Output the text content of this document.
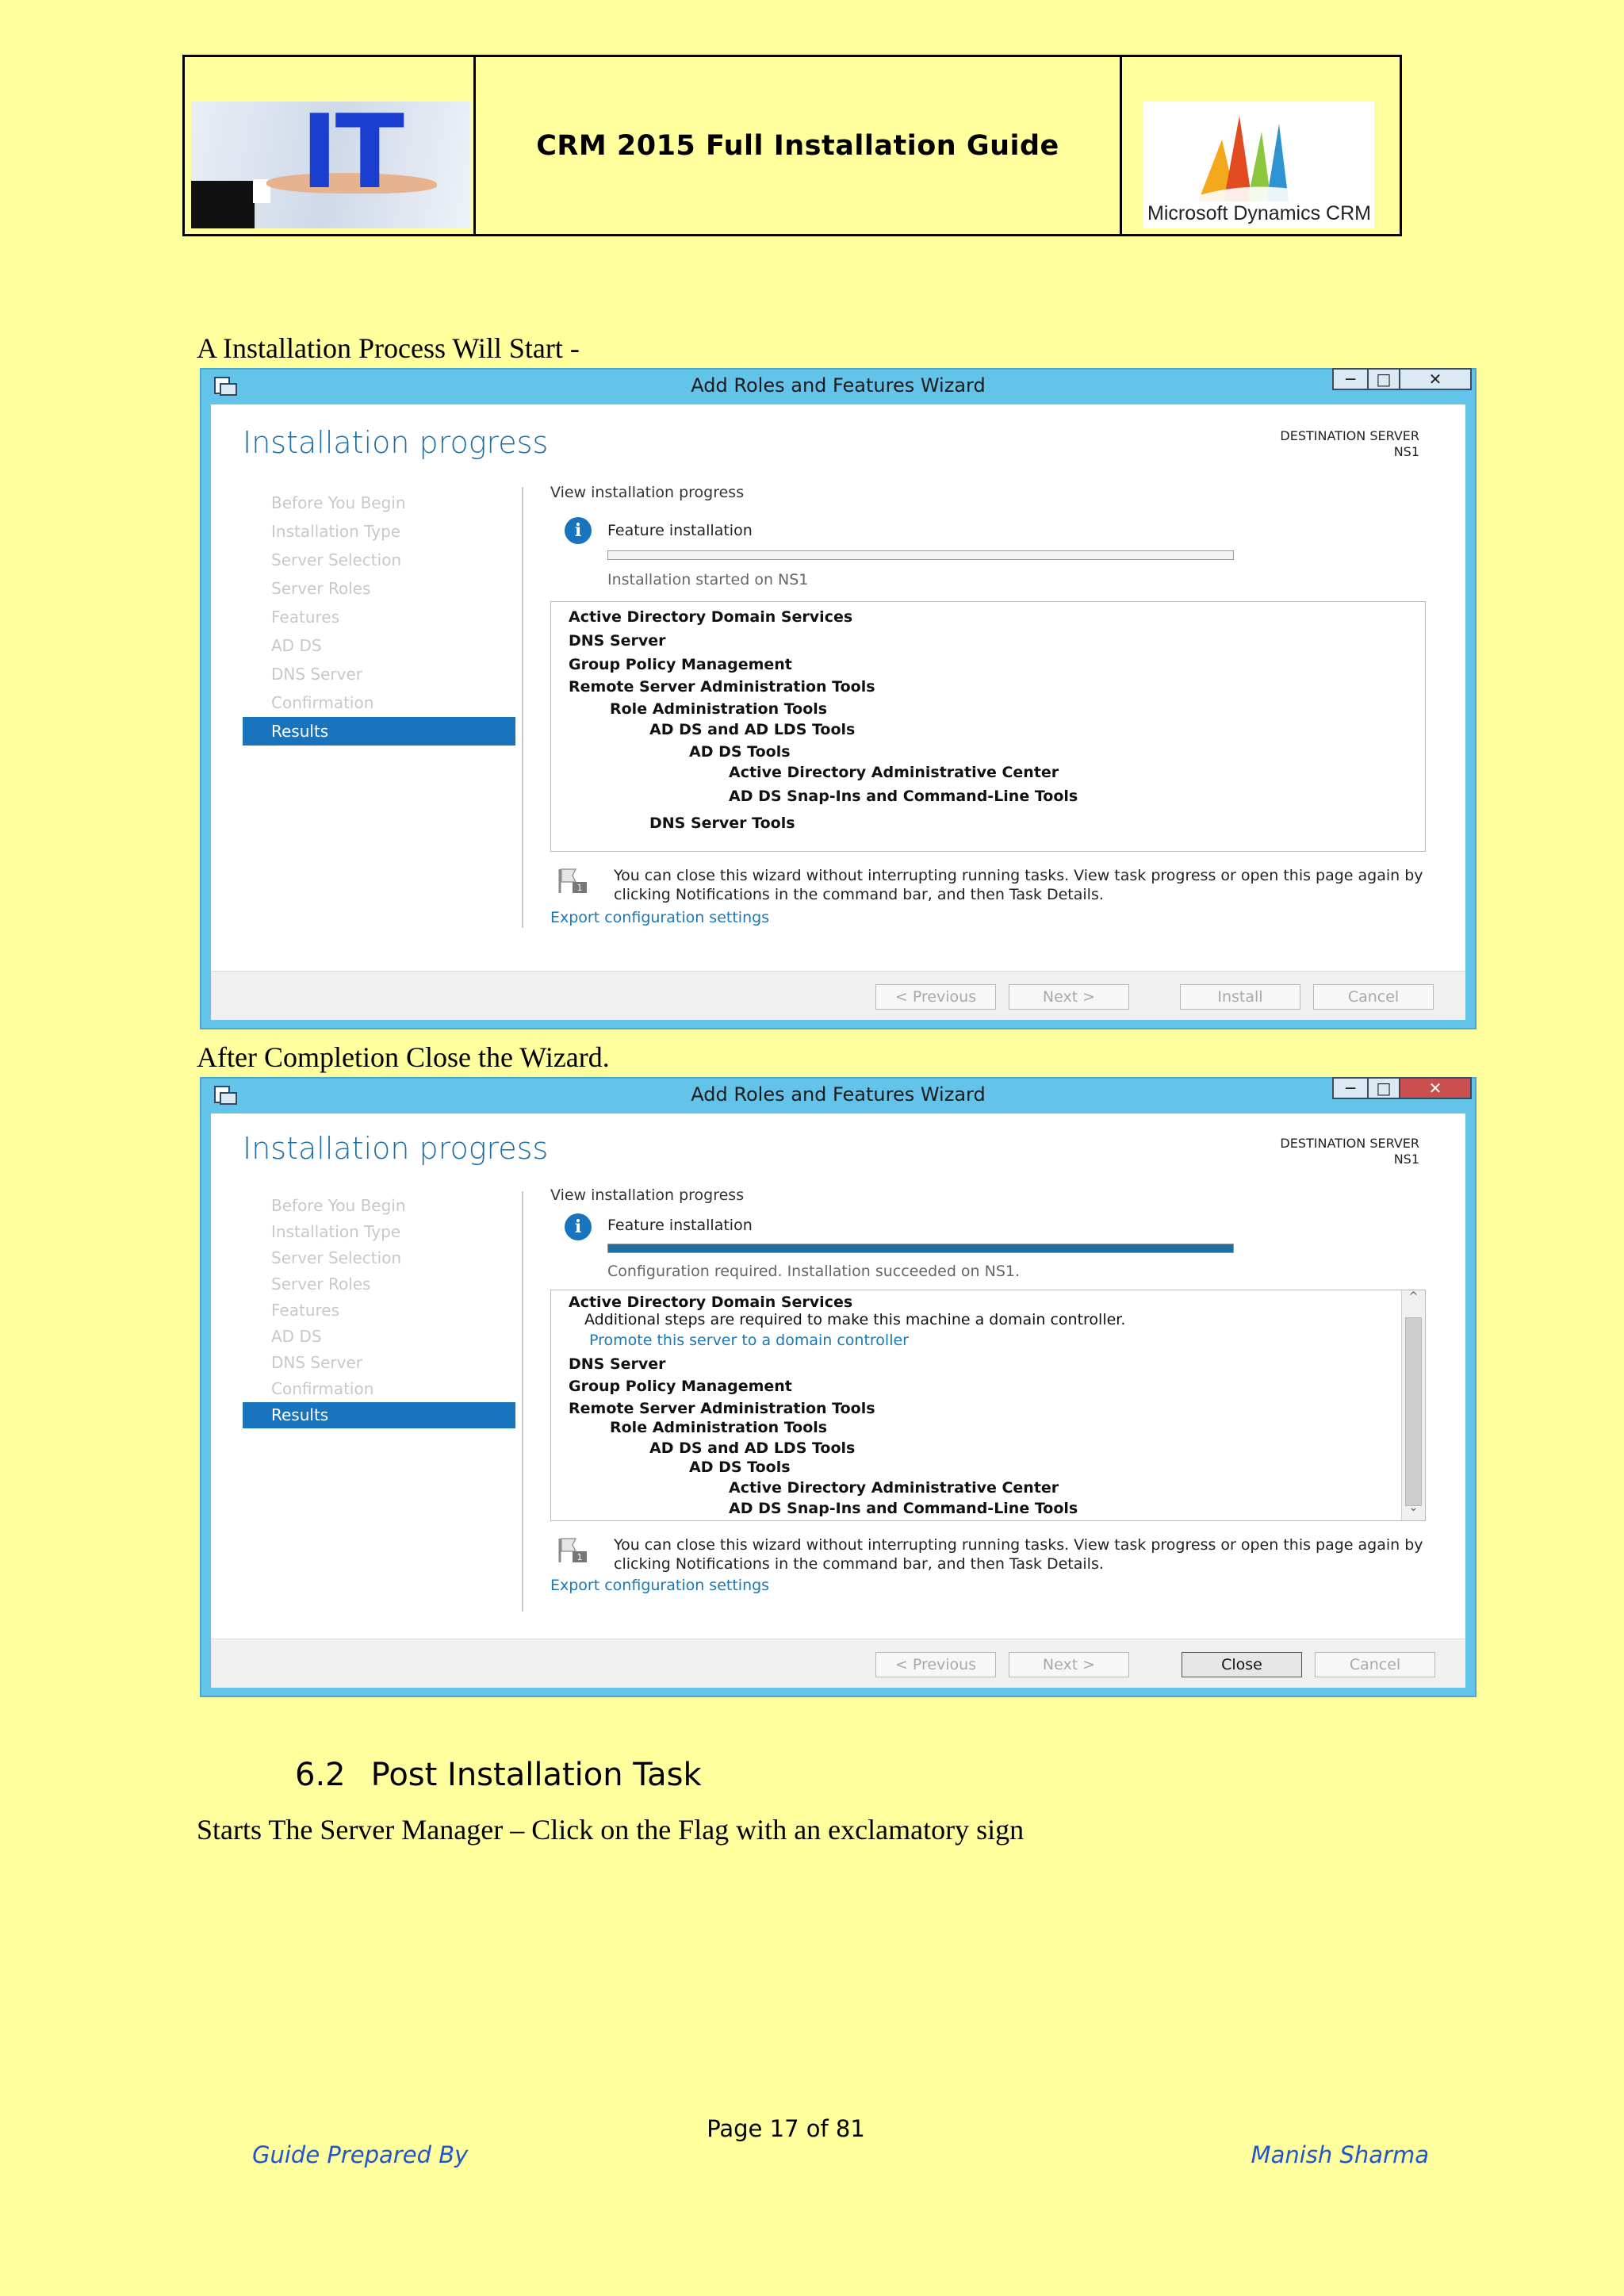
IT	CRM 2015 Full Installation Guide
Microsoft Dynamics CRM
A Installation Process Will Start -
Add Roles and Features Wizard	─	□	✕
Installation progress	DESTINATION SERVER
NS1
Before You Begin
Installation Type
Server Selection
Server Roles
Features
AD DS
DNS Server
Confirmation
Results
View installation progress
i	Feature installation
Installation started on NS1
Active Directory Domain Services
DNS Server
Group Policy Management
Remote Server Administration Tools
Role Administration Tools
AD DS and AD LDS Tools
AD DS Tools
Active Directory Administrative Center
AD DS Snap-Ins and Command-Line Tools
DNS Server Tools
1
You can close this wizard without interrupting running tasks. View task progress or open this page again by clicking Notifications in the command bar, and then Task Details.
Export configuration settings
< Previous	Next >	Install	Cancel
After Completion Close the Wizard.
Add Roles and Features Wizard	─	□	✕
Installation progress	DESTINATION SERVER
NS1
Before You Begin
Installation Type
Server Selection
Server Roles
Features
AD DS
DNS Server
Confirmation
Results
View installation progress
i	Feature installation
Configuration required. Installation succeeded on NS1.
Active Directory Domain Services
Additional steps are required to make this machine a domain controller.
Promote this server to a domain controller
DNS Server
Group Policy Management
Remote Server Administration Tools
Role Administration Tools
AD DS and AD LDS Tools
AD DS Tools
Active Directory Administrative Center
AD DS Snap-Ins and Command-Line Tools
^
⌄
1
You can close this wizard without interrupting running tasks. View task progress or open this page again by clicking Notifications in the command bar, and then Task Details.
Export configuration settings
< Previous	Next >	Close	Cancel
6.2 Post Installation Task
Starts The Server Manager – Click on the Flag with an exclamatory sign
Page 17 of 81
Guide Prepared By	Manish Sharma
